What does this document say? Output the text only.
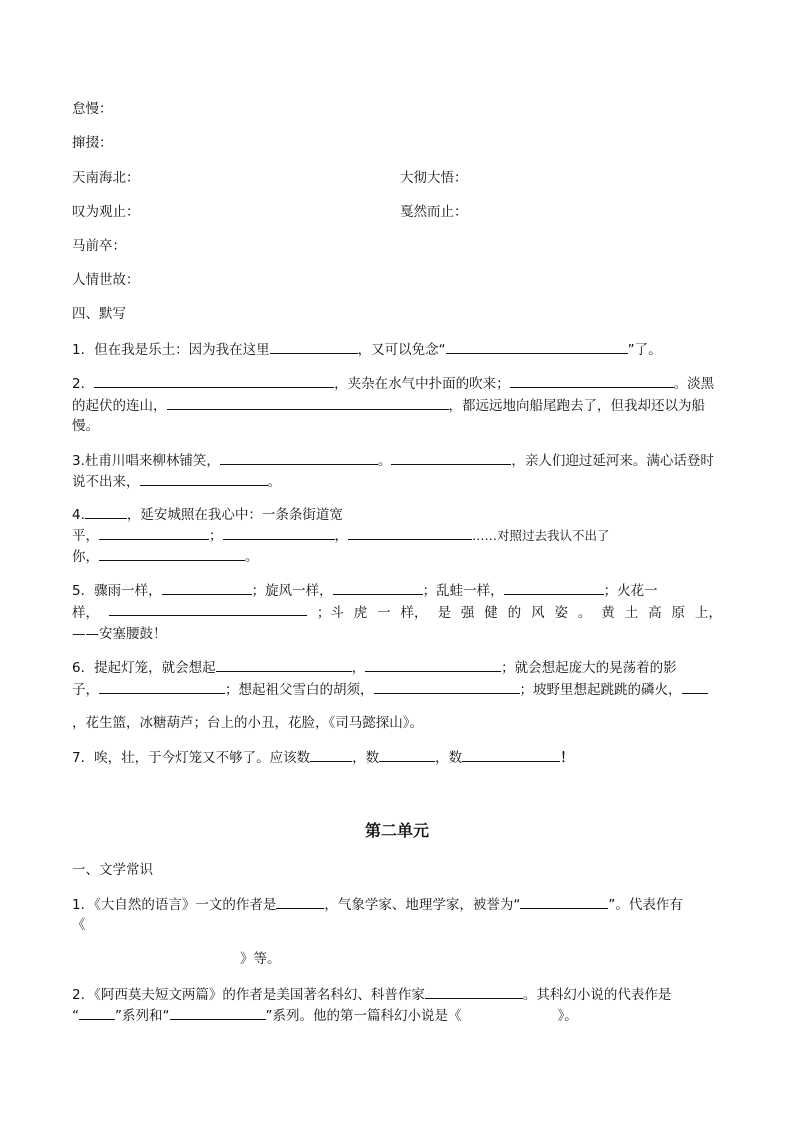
怠慢：
撺掇：
天南海北：	大彻大悟：
叹为观止：	戛然而止：
马前卒：
人情世故：
四、默写
1．但在我是乐土：因为我在这里	，又可以免念“	”了。
2．	，夹杂在水气中扑面的吹来；	。淡黑
的起伏的连山，	，都远远地向船尾跑去了，但我却还以为船
慢。
3.杜甫川唱来柳林铺笑，	。	，亲人们迎过延河来。满心话登时
说不出来，	。
4.	，延安城照在我心中：一条条街道宽
平，	；	，	……对照过去我认不出了
你，	。
5．骤雨一样，	；旋风一样，	；乱蛙一样，	；火花一
样，	；斗 虎 一 样， 是 强 健 的 风 姿 。 黄 土 高 原 上，
——安塞腰鼓！
6．提起灯笼，就会想起	，	；就会想起庞大的晃荡着的影
子，	；想起祖父雪白的胡须，	；坡野里想起跳跳的磷火，
，花生篮，冰糖葫芦；台上的小丑，花脸，《司马懿探山》。
7．唉，壮，于今灯笼又不够了。应该数	，数	，数	！
第二单元
一、文学常识
1．《大自然的语言》一文的作者是	，气象学家、地理学家，被誉为“	”。代表作有
《
》等。
2．《阿西莫夫短文两篇》的作者是美国著名科幻、科普作家	。其科幻小说的代表作是
“	”系列和“	”系列。他的第一篇科幻小说是《	》。
